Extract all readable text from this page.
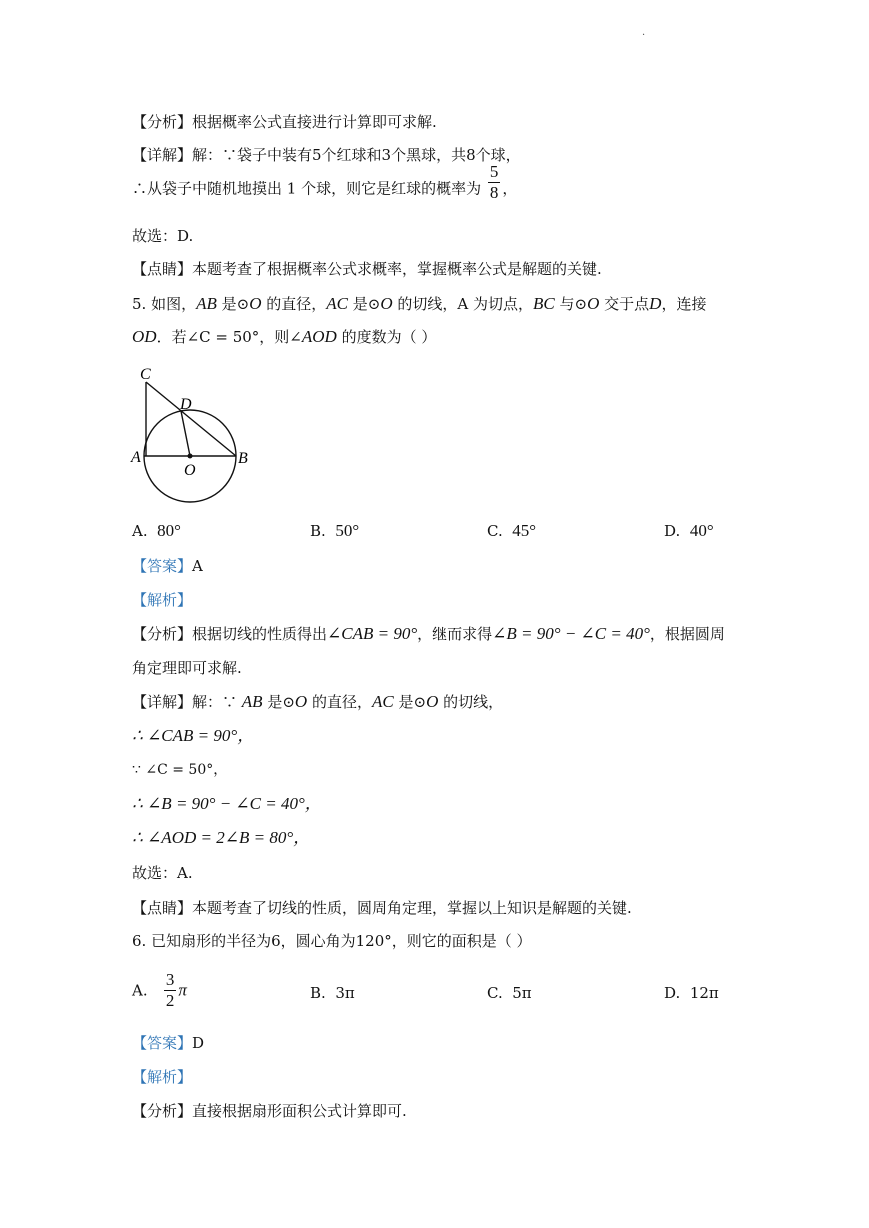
·
【分析】根据概率公式直接进行计算即可求解.
【详解】解：∵袋子中装有5个红球和3个黑球，共8个球，
∴从袋子中随机地摸出 1 个球，则它是红球的概率为 $\frac{5}{8}$ ，
故选：D.
【点睛】本题考查了根据概率公式求概率，掌握概率公式是解题的关键.
5. 如图，AB 是⊙O 的直径，AC 是⊙O 的切线，A 为切点，BC 与⊙O 交于点D，连接
OD．若∠C = 50°，则∠AOD 的度数为（ ）
C
D
A
O
B
A. 80°	B. 50°	C. 45°	D. 40°
【答案】A
【解析】
【分析】根据切线的性质得出∠CAB = 90°，继而求得∠B = 90° − ∠C = 40°，根据圆周
角定理即可求解.
【详解】解：∵ AB 是⊙O 的直径，AC 是⊙O 的切线，
∴ ∠CAB = 90°，
∵ ∠C = 50°，
∴ ∠B = 90° − ∠C = 40°，
∴ ∠AOD = 2∠B = 80°，
故选：A.
【点睛】本题考查了切线的性质，圆周角定理，掌握以上知识是解题的关键.
6. 已知扇形的半径为6，圆心角为120°，则它的面积是（ ）
A. $\frac{3}{2}$ π	B. 3π	C. 5π	D. 12π
【答案】D
【解析】
【分析】直接根据扇形面积公式计算即可.
